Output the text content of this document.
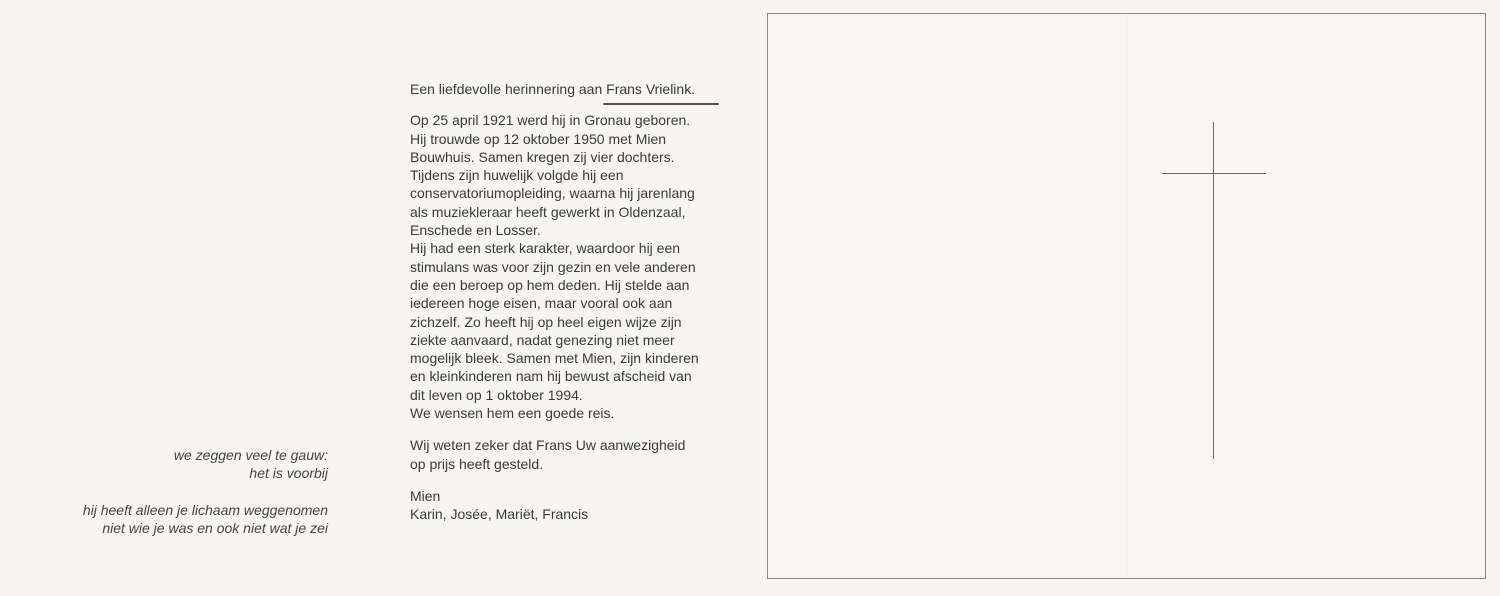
we zeggen veel te gauw:
het is voorbij
hij heeft alleen je lichaam weggenomen
niet wie je was en ook niet wat je zei
Een liefdevolle herinnering aan Frans Vrielink.
Op 25 april 1921 werd hij in Gronau geboren.
Hij trouwde op 12 oktober 1950 met Mien
Bouwhuis. Samen kregen zij vier dochters.
Tijdens zijn huwelijk volgde hij een
conservatoriumopleiding, waarna hij jarenlang
als muziekleraar heeft gewerkt in Oldenzaal,
Enschede en Losser.
Hij had een sterk karakter, waardoor hij een
stimulans was voor zijn gezin en vele anderen
die een beroep op hem deden. Hij stelde aan
iedereen hoge eisen, maar vooral ook aan
zichzelf. Zo heeft hij op heel eigen wijze zijn
ziekte aanvaard, nadat genezing niet meer
mogelijk bleek. Samen met Mien, zijn kinderen
en kleinkinderen nam hij bewust afscheid van
dit leven op 1 oktober 1994.
We wensen hem een goede reis.
Wij weten zeker dat Frans Uw aanwezigheid
op prijs heeft gesteld.
Mien
Karin, Josée, Mariët, Francis
